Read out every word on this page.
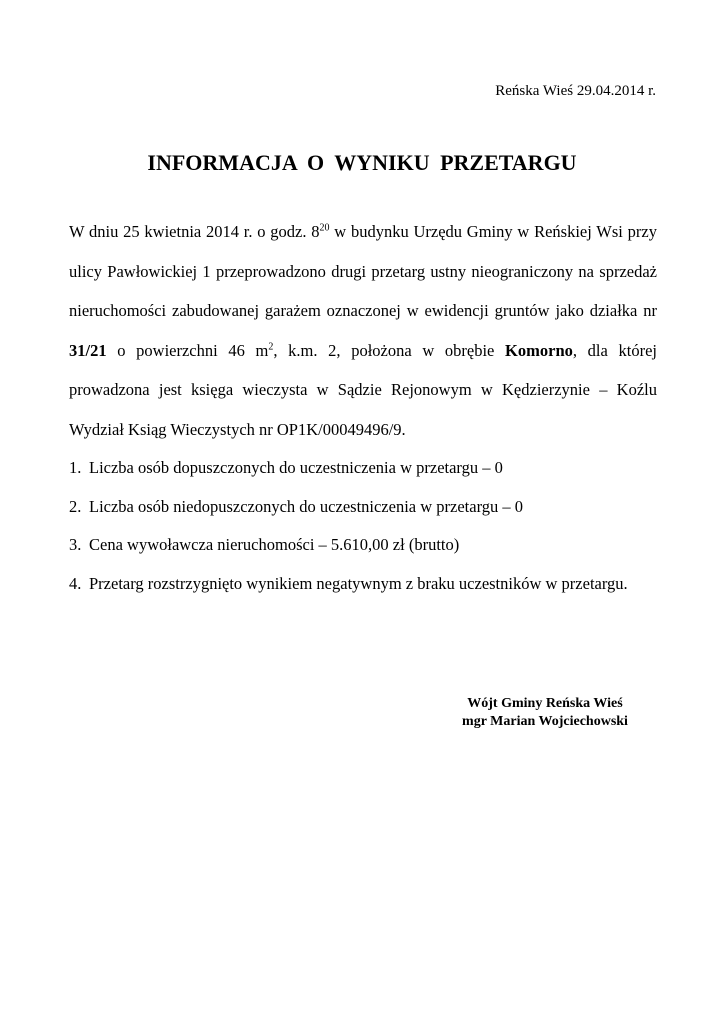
Reńska Wieś 29.04.2014 r.
INFORMACJA O WYNIKU PRZETARGU
W dniu 25 kwietnia 2014 r. o godz. $8^{20}$ w budynku Urzędu Gminy w Reńskiej Wsi przy ulicy Pawłowickiej 1 przeprowadzono drugi przetarg ustny nieograniczony na sprzedaż nieruchomości zabudowanej garażem oznaczonej w ewidencji gruntów jako działka nr 31/21 o powierzchni 46 $m^2$, k.m. 2, położona w obrębie Komorno, dla której prowadzona jest księga wieczysta w Sądzie Rejonowym w Kędzierzynie – Koźlu Wydział Ksiąg Wieczystych nr OP1K/00049496/9.
1. Liczba osób dopuszczonych do uczestniczenia w przetargu – 0
2. Liczba osób niedopuszczonych do uczestniczenia w przetargu – 0
3. Cena wywoławcza nieruchomości – 5.610,00 zł (brutto)
4. Przetarg rozstrzygnięto wynikiem negatywnym z braku uczestników w przetargu.
Wójt Gminy Reńska Wieś
mgr Marian Wojciechowski
